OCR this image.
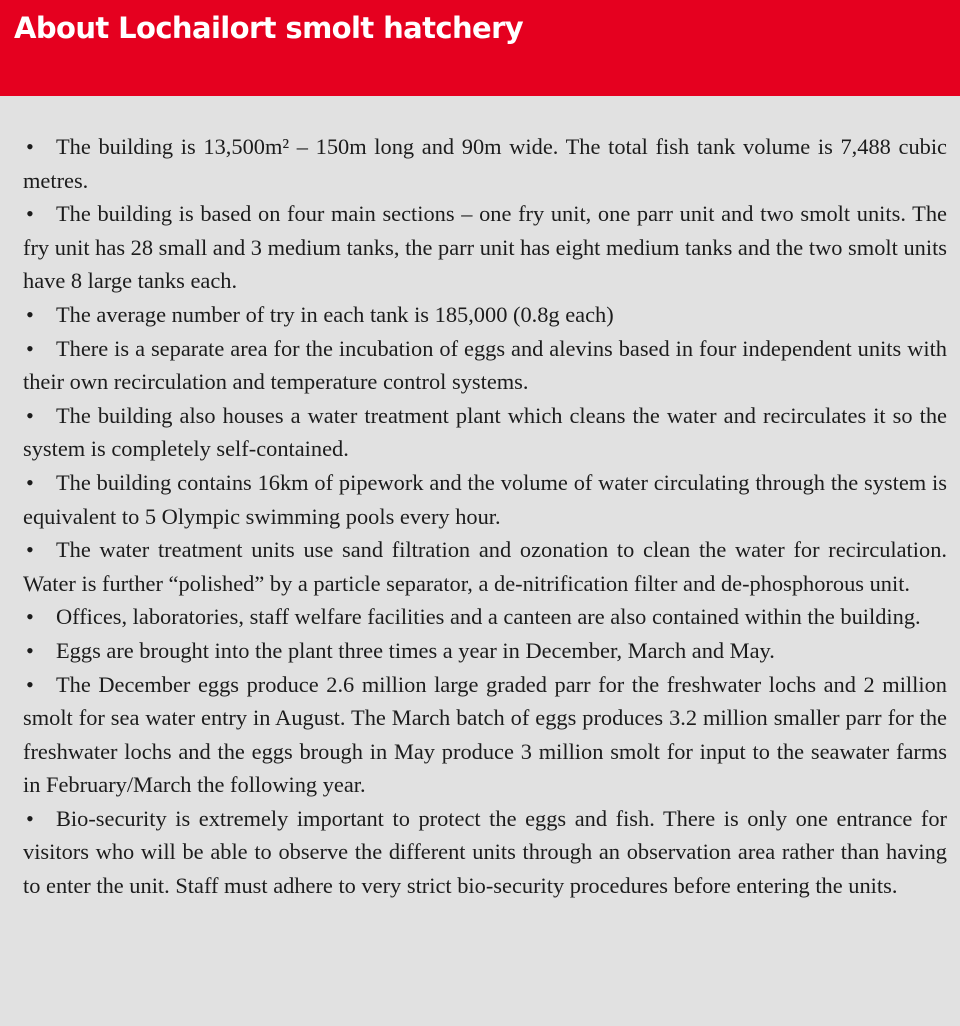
About Lochailort smolt hatchery
• The building is 13,500m² – 150m long and 90m wide. The total fish tank volume is 7,488 cubic metres.
• The building is based on four main sections – one fry unit, one parr unit and two smolt units. The fry unit has 28 small and 3 medium tanks, the parr unit has eight medium tanks and the two smolt units have 8 large tanks each.
• The average number of try in each tank is 185,000 (0.8g each)
• There is a separate area for the incubation of eggs and alevins based in four independent units with their own recirculation and temperature control systems.
• The building also houses a water treatment plant which cleans the water and recirculates it so the system is completely self-contained.
• The building contains 16km of pipework and the volume of water circulating through the system is equivalent to 5 Olympic swimming pools every hour.
• The water treatment units use sand filtration and ozonation to clean the water for recirculation. Water is further “polished” by a particle separator, a de-nitrification filter and de-phosphorous unit.
• Offices, laboratories, staff welfare facilities and a canteen are also contained within the building.
• Eggs are brought into the plant three times a year in December, March and May.
• The December eggs produce 2.6 million large graded parr for the freshwater lochs and 2 million smolt for sea water entry in August. The March batch of eggs produces 3.2 million smaller parr for the freshwater lochs and the eggs brough in May produce 3 million smolt for input to the seawater farms in February/March the following year.
• Bio-security is extremely important to protect the eggs and fish. There is only one entrance for visitors who will be able to observe the different units through an observation area rather than having to enter the unit. Staff must adhere to very strict bio-security procedures before entering the units.
